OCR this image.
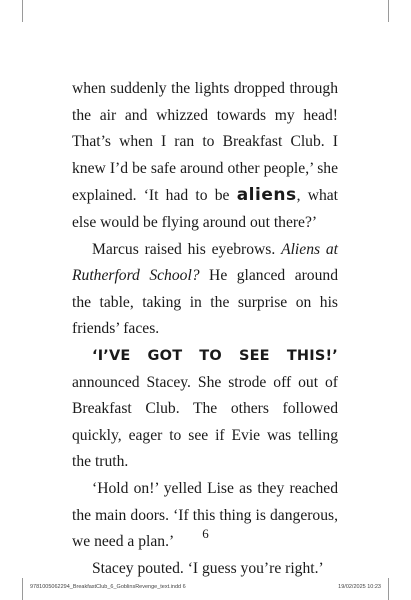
when suddenly the lights dropped through the air and whizzed towards my head! That’s when I ran to Breakfast Club. I knew I’d be safe around other people,’ she explained. ‘It had to be aliens, what else would be flying around out there?’

Marcus raised his eyebrows. Aliens at Rutherford School? He glanced around the table, taking in the surprise on his friends’ faces.

‘I’VE GOT TO SEE THIS!’ announced Stacey. She strode off out of Breakfast Club. The others followed quickly, eager to see if Evie was telling the truth.

‘Hold on!’ yelled Lise as they reached the main doors. ‘If this thing is dangerous, we need a plan.’

Stacey pouted. ‘I guess you’re right.’

6
9781005062294_BreakfastClub_6_GoblinsRevenge_text.indd 6	19/02/2025 10:23
